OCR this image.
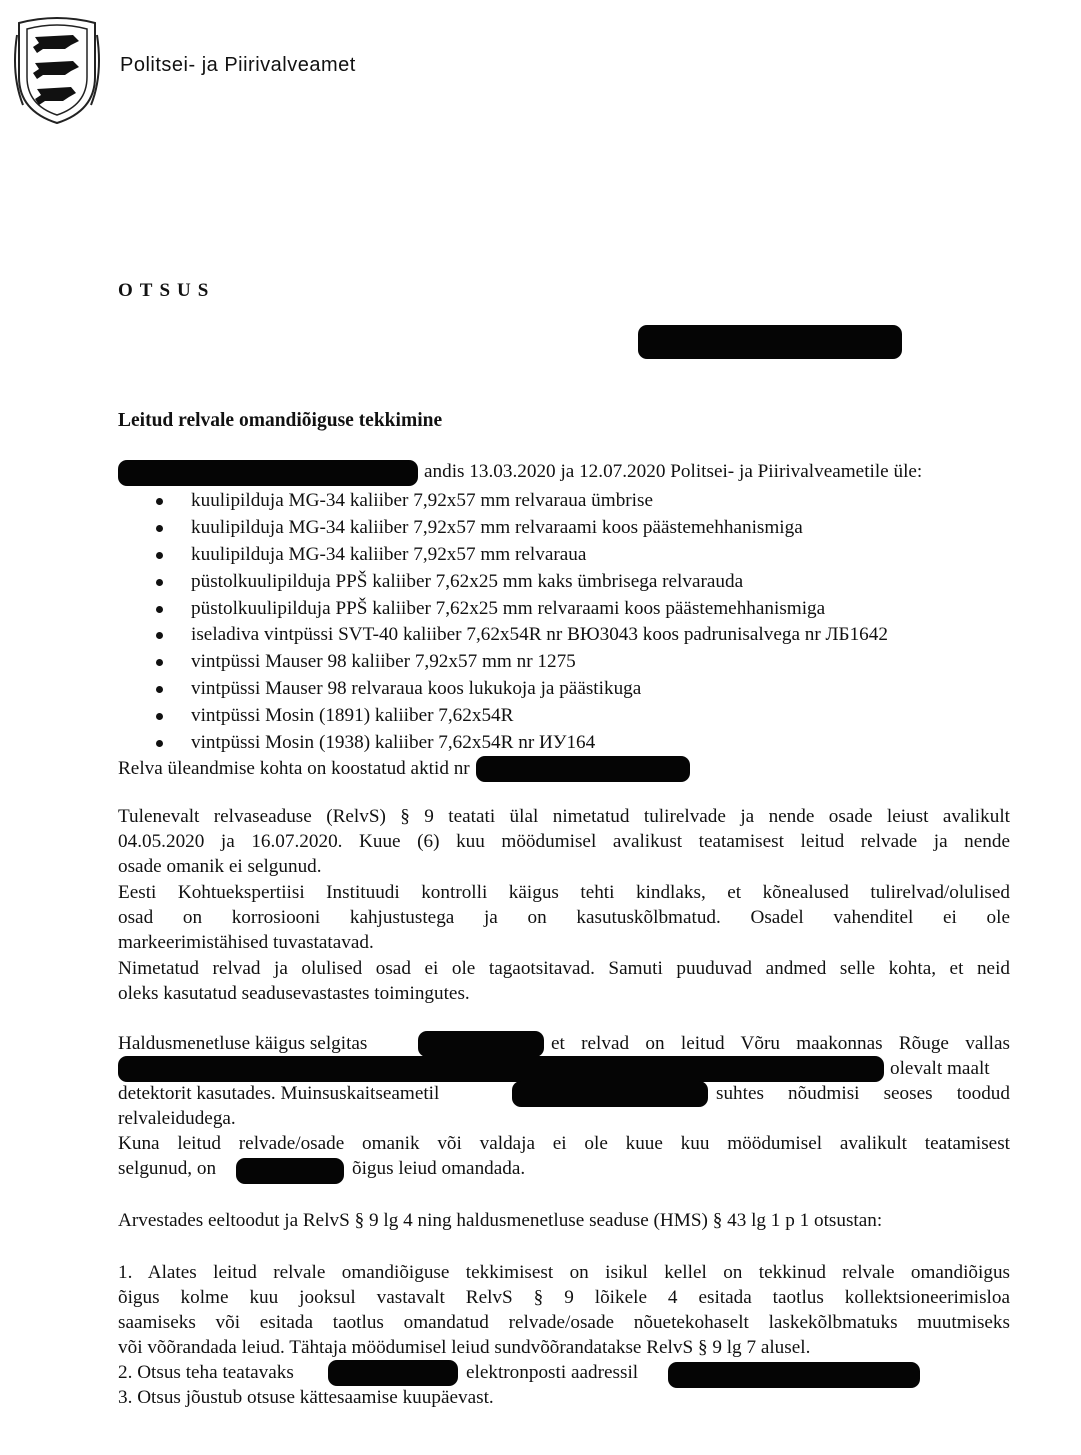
Politsei- ja Piirivalveamet
OTSUS
Leitud relvale omandiõiguse tekkimine
andis 13.03.2020 ja 12.07.2020 Politsei- ja Piirivalveametile üle:
kuulipilduja MG-34 kaliiber 7,92x57 mm relvaraua ümbrise
kuulipilduja MG-34 kaliiber 7,92x57 mm relvaraami koos päästemehhanismiga
kuulipilduja MG-34 kaliiber 7,92x57 mm relvaraua
püstolkuulipilduja PPŠ kaliiber 7,62x25 mm kaks ümbrisega relvarauda
püstolkuulipilduja PPŠ kaliiber 7,62x25 mm relvaraami koos päästemehhanismiga
iseladiva vintpüssi SVT-40 kaliiber 7,62x54R nr ВЮ3043 koos padrunisalvega nr ЛБ1642
vintpüssi Mauser 98 kaliiber 7,92x57 mm nr 1275
vintpüssi Mauser 98 relvaraua koos lukukoja ja päästikuga
vintpüssi Mosin (1891) kaliiber 7,62x54R
vintpüssi Mosin (1938) kaliiber 7,62x54R nr ИУ164
Relva üleandmise kohta on koostatud aktid nr
Tulenevalt relvaseaduse (RelvS) § 9 teatati ülal nimetatud tulirelvade ja nende osade leiust avalikult
04.05.2020 ja 16.07.2020. Kuue (6) kuu möödumisel avalikust teatamisest leitud relvade ja nende
osade omanik ei selgunud.
Eesti Kohtuekspertiisi Instituudi kontrolli käigus tehti kindlaks, et kõnealused tulirelvad/olulised
osad on korrosiooni kahjustustega ja on kasutuskõlbmatud. Osadel vahenditel ei ole
markeerimistähised tuvastatavad.
Nimetatud relvad ja olulised osad ei ole tagaotsitavad. Samuti puuduvad andmed selle kohta, et neid
oleks kasutatud seadusevastastes toimingutes.
Haldusmenetluse käigus selgitas	et relvad on leitud Võru maakonnas Rõuge vallas
olevalt maalt
detektorit kasutades. Muinsuskaitseametil	suhtes nõudmisi seoses toodud
relvaleidudega.
Kuna leitud relvade/osade omanik või valdaja ei ole kuue kuu möödumisel avalikult teatamisest
selgunud, on	õigus leiud omandada.
Arvestades eeltoodut ja RelvS § 9 lg 4 ning haldusmenetluse seaduse (HMS) § 43 lg 1 p 1 otsustan:
1. Alates leitud relvale omandiõiguse tekkimisest on isikul kellel on tekkinud relvale omandiõigus
õigus kolme kuu jooksul vastavalt RelvS § 9 lõikele 4 esitada taotlus kollektsioneerimisloa
saamiseks või esitada taotlus omandatud relvade/osade nõuetekohaselt laskekõlbmatuks muutmiseks
või võõrandada leiud. Tähtaja möödumisel leiud sundvõõrandatakse RelvS § 9 lg 7 alusel.
2. Otsus teha teatavaks	elektronposti aadressil
3. Otsus jõustub otsuse kättesaamise kuupäevast.
